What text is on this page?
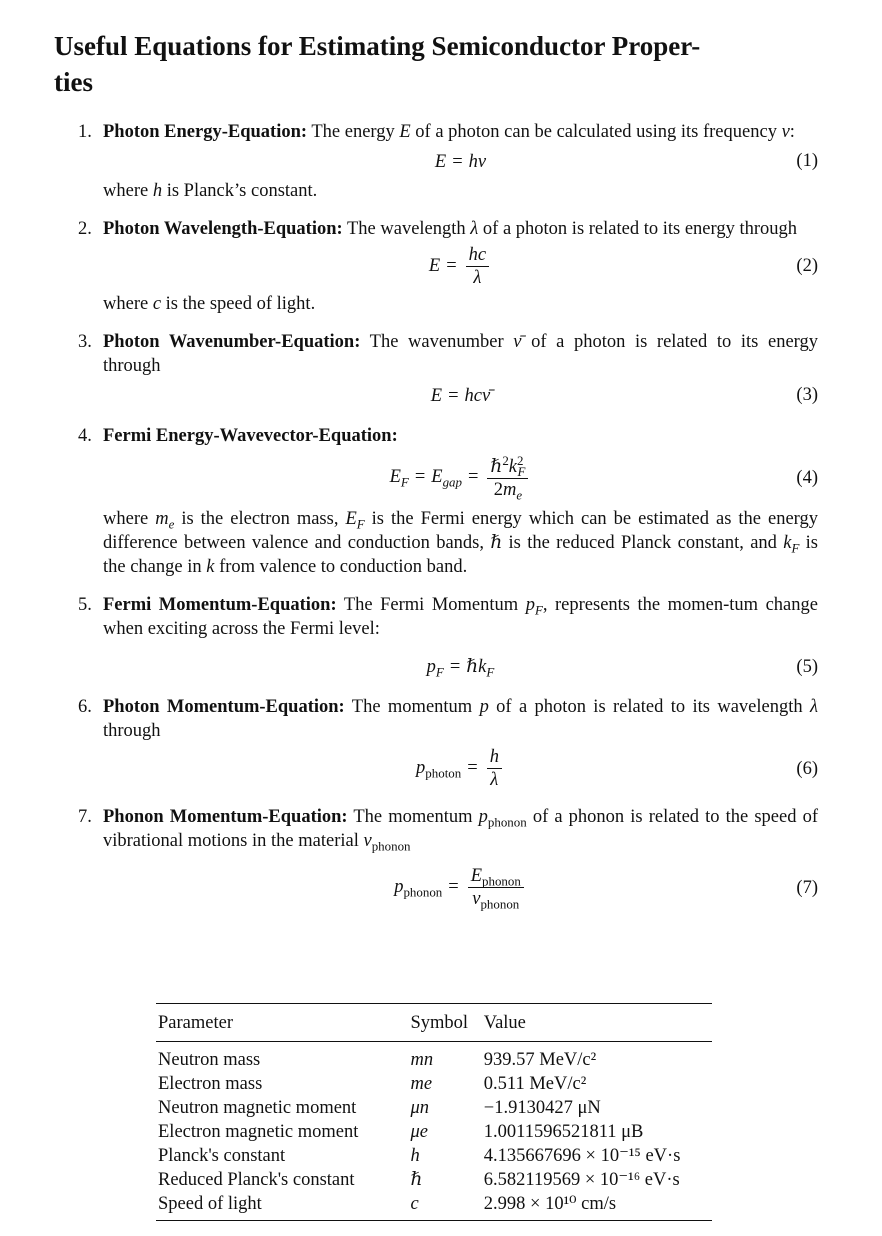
Useful Equations for Estimating Semiconductor Proper-
ties
1. Photon Energy-Equation: The energy E of a photon can be calculated using its frequency ν:
E = hν	(1)
where h is Planck’s constant.
2. Photon Wavelength-Equation: The wavelength λ of a photon is related to its energy through
$E = \frac{hc}{\lambda}$	(2)
where c is the speed of light.
3. Photon Wavenumber-Equation: The wavenumber ν̄ of a photon is related to its energy through
E = hcν̄	(3)
4. Fermi Energy-Wavevector-Equation:
$E_F = E_{gap} = \frac{\hbar^2k^2_F}{2m_e}$	(4)
where $m_e$ is the electron mass, $E_F$ is the Fermi energy which can be estimated as the energy difference between valence and conduction bands, ℏ is the reduced Planck constant, and $k_F$ is the change in k from valence to conduction band.
5. Fermi Momentum-Equation: The Fermi Momentum $p_F$, represents the momen-tum change when exciting across the Fermi level:
$p_F$ = ℏk$_F$	(5)
6. Photon Momentum-Equation: The momentum p of a photon is related to its wavelength λ through
$p_{photon} = \frac{h}{\lambda}$	(6)
7. Phonon Momentum-Equation: The momentum $p_{phonon}$ of a phonon is related to the speed of vibrational motions in the material $v_{phonon}$
$p_{phonon} = \frac{E_{phonon}}{v_{phonon}}$	(7)
Parameter	Symbol	Value
Neutron mass	mn	939.57 MeV/c²
Electron mass	me	0.511 MeV/c²
Neutron magnetic moment	μn	−1.9130427 μN
Electron magnetic moment	μe	1.0011596521811 μB
Planck's constant	h	4.135667696 × 10⁻¹⁵ eV·s
Reduced Planck's constant	ℏ	6.582119569 × 10⁻¹⁶ eV·s
Speed of light	c	2.998 × 10¹⁰ cm/s
